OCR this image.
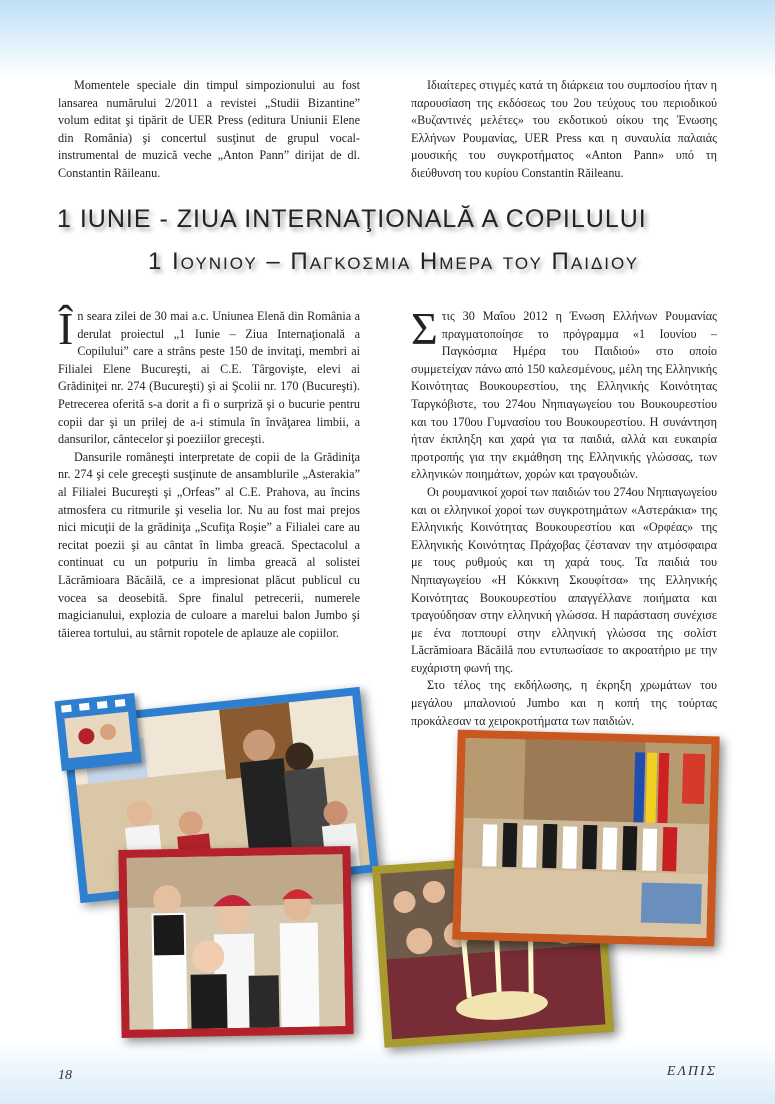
Momentele speciale din timpul simpozionului au fost lansarea numărului 2/2011 a revistei „Studii Bizantine” volum editat şi tipărit de UER Press (editura Uniunii Elene din România) şi concertul susţinut de grupul vocal-instrumental de muzică veche „Anton Pann” dirijat de dl. Constantin Răileanu.

Ιδιαίτερες στιγμές κατά τη διάρκεια του συμποσίου ήταν η παρουσίαση της εκδόσεως του 2ου τεύχους του περιοδικού «Βυζαντινές μελέτες» του εκδοτικού οίκου της Ένωσης Ελλήνων Ρουμανίας, UER Press και η συναυλία παλαιάς μουσικής του συγκροτήματος «Anton Pann» υπό τη διεύθυνση του κυρίου Constantin Răileanu.

1 IUNIE - ZIUA INTERNAŢIONALĂ A COPILULUI
1 Ιουνιου – Παγκοσμια Ημερα του Παιδιου

În seara zilei de 30 mai a.c. Uniunea Elenă din România a derulat proiectul „1 Iunie – Ziua Internaţională a Copilului” care a strâns peste 150 de invitaţi, membri ai Filialei Elene Bucureşti, ai C.E. Târgovişte, elevi ai Grădiniţei nr. 274 (Bucureşti) şi ai Şcolii nr. 170 (Bucureşti). Petrecerea oferită s-a dorit a fi o surpriză şi o bucurie pentru copii dar şi un prilej de a-i stimula în învăţarea limbii, a dansurilor, cântecelor şi poeziilor greceşti.

Dansurile româneşti interpretate de copii de la Grădiniţa nr. 274 şi cele greceşti susţinute de ansamblurile „Asterakia” al Filialei Bucureşti şi „Orfeas” al C.E. Prahova, au încins atmosfera cu ritmurile şi veselia lor. Nu au fost mai prejos nici micuţii de la grădiniţa „Scufiţa Roşie” a Filialei care au recitat poezii şi au cântat în limba greacă. Spectacolul a continuat cu un potpuriu în limba greacă al solistei Lăcrămioara Băcăilă, ce a impresionat plăcut publicul cu vocea sa deosebită. Spre finalul petrecerii, numerele magicianului, explozia de culoare a marelui balon Jumbo şi tăierea tortului, au stârnit ropotele de aplauze ale copiilor.

Στις 30 Μαΐου 2012 η Ένωση Ελλήνων Ρουμανίας πραγματοποίησε το πρόγραμμα «1 Ιουνίου – Παγκόσμια Ημέρα του Παιδιού» στο οποίο συμμετείχαν πάνω από 150 καλεσμένους, μέλη της Ελληνικής Κοινότητας Βουκουρεστίου, της Ελληνικής Κοινότητας Ταργκόβιστε, του 274ου Νηπιαγωγείου του Βουκουρεστίου και του 170ου Γυμνασίου του Βουκουρεστίου. Η συνάντηση ήταν έκπληξη και χαρά για τα παιδιά, αλλά και ευκαιρία προτροπής για την εκμάθηση της Ελληνικής γλώσσας, των ελληνικών ποιημάτων, χορών και τραγουδιών.

Οι ρουμανικοί χοροί των παιδιών του 274ου Νηπιαγωγείου και οι ελληνικοί χοροί των συγκροτημάτων «Αστεράκια» της Ελληνικής Κοινότητας Βουκουρεστίου και «Ορφέας» της Ελληνικής Κοινότητας Πράχοβας ζέσταναν την ατμόσφαιρα με τους ρυθμούς και τη χαρά τους. Τα παιδιά του Νηπιαγωγείου «Η Κόκκινη Σκουφίτσα» της Ελληνικής Κοινότητας Βουκουρεστίου απαγγέλλανε ποιήματα και τραγούδησαν στην ελληνική γλώσσα. Η παράσταση συνέχισε με ένα ποτπουρί στην ελληνική γλώσσα της σολίστ Lăcrămioara Băcăilă που εντυπωσίασε το ακροατήριο με την ευχάριστη φωνή της.

Στο τέλος της εκδήλωσης, η έκρηξη χρωμάτων του μεγάλου μπαλονιού Jumbo και η κοπή της τούρτας προκάλεσαν τα χειροκροτήματα των παιδιών.

18	ΕΛΠΙΣ
